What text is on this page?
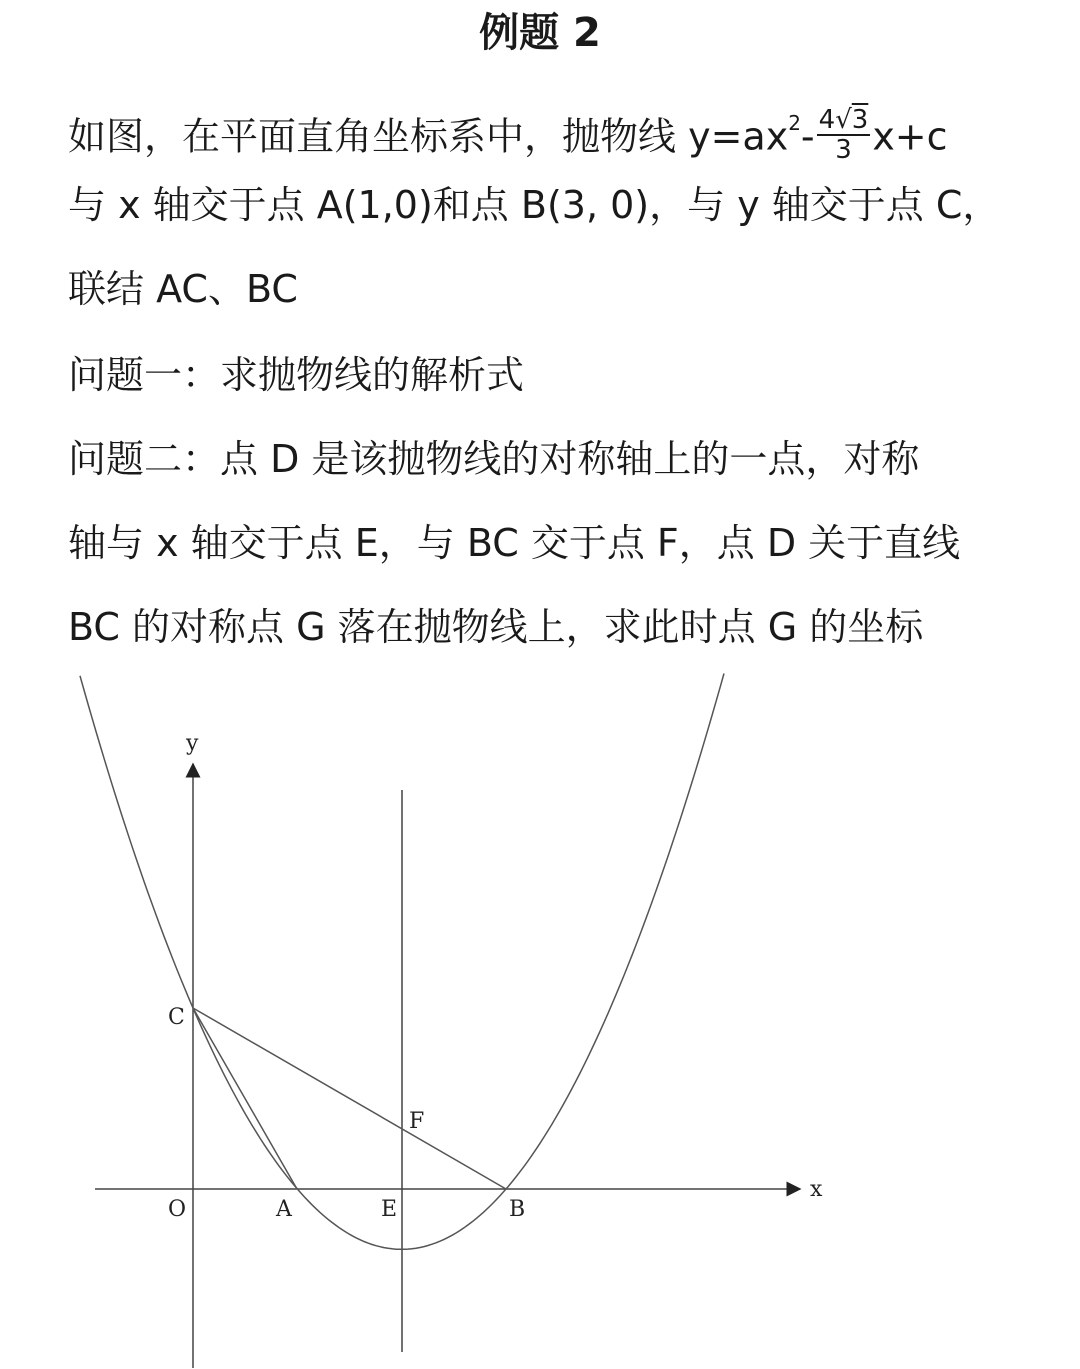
例题 2
如图，在平面直角坐标系中，抛物线 $y=ax^2- \frac{4√3}{3} x+c$
与 x 轴交于点 A(1,0)和点 B(3, 0)，与 y 轴交于点 C，
联结 AC、BC
问题一：求抛物线的解析式
问题二：点 D 是该抛物线的对称轴上的一点，对称
轴与 x 轴交于点 E，与 BC 交于点 F，点 D 关于直线
BC 的对称点 G 落在抛物线上，求此时点 G 的坐标
y
x
O	A	E	B
C
F
